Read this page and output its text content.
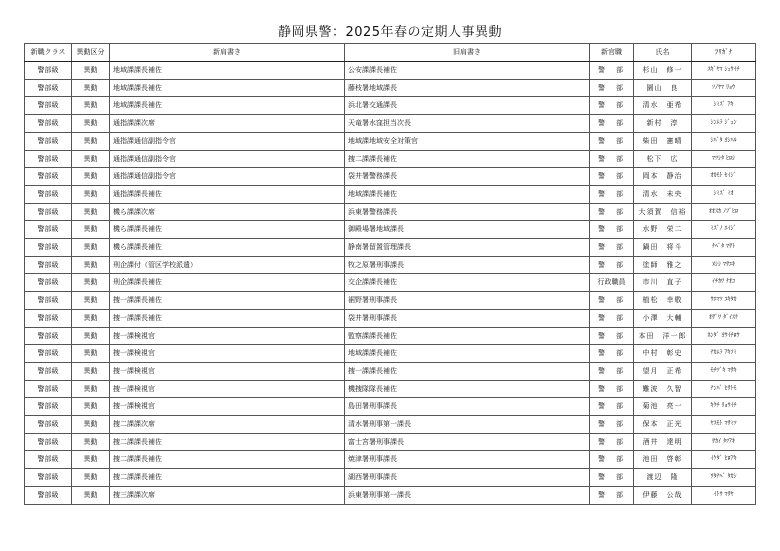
静岡県警：2025年春の定期人事異動
新職クラス	異動区分	新肩書き	旧肩書き	新官職	氏名	ﾌﾘｶﾞﾅ
警部級	異動	地域課課長補佐	公安課課長補佐	警　部	杉山　修一	ｽｷﾞﾔﾏ ｼｭｳｲﾁ
警部級	異動	地域課課長補佐	藤枝署地域課長	警　部	園山　良	ｿﾉﾔﾏ ﾘｮｳ
警部級	異動	地域課課長補佐	浜北署交通課長	警　部	清水　亜希	ｼﾐｽﾞ ｱｷ
警部級	異動	通指課課次席	天竜署水窪担当次長	警　部	新村　淳	ｼﾝﾑﾗ ｼﾞｭﾝ
警部級	異動	通指課通信副指令官	地域課地域安全対策官	警　部	柴田　憲晴	ｼﾊﾞﾀ ﾖｼﾊﾙ
警部級	異動	通指課通信副指令官	捜二課課長補佐	警　部	松下　広	ﾏﾂｼﾀ ﾋﾛｼ
警部級	異動	通指課通信副指令官	袋井署警務課長	警　部	岡本　静治	ｵｶﾓﾄ ｾｲｼﾞ
警部級	異動	通指課課長補佐	地域課課長補佐	警　部	清水　未央	ｼﾐｽﾞ ﾐｵ
警部級	異動	機ら課課次席	浜東署警務課長	警　部	大須賀　信裕	ｵｵｽｶ ﾉﾌﾞﾋﾛ
警部級	異動	機ら課課長補佐	御殿場署地域課長	警　部	水野　栄二	ﾐｽﾞﾉ ｴｲｼﾞ
警部級	異動	機ら課課長補佐	静南署留置管理課長	警　部	鍋田　将斗	ﾅﾍﾞﾀ ﾏｻﾄ
警部級	異動	刑企課付（管区学校派遣）	牧之原署刑事課長	警　部	塗師　雅之	ﾇｼｼ ﾏｻﾕｷ
警部級	異動	刑企課課長補佐	交企課課長補佐	行政職員	市川　直子	ｲﾁｶﾜ ﾅｵｺ
警部級	異動	捜一課課長補佐	裾野署刑事課長	警　部	植松　幸敬	ｳｴﾏﾂ ﾕｷﾀｶ
警部級	異動	捜一課課長補佐	袋井署刑事課長	警　部	小澤　大輔	ｵｻﾞﾜ ﾀﾞｲｽｹ
警部級	異動	捜一課検視官	監察課課長補佐	警　部	本田　洋一郎	ﾎﾝﾀﾞ ﾖｳｲﾁﾛｳ
警部級	異動	捜一課検視官	地域課課長補佐	警　部	中村　彰史	ﾅｶﾑﾗ ｱｷﾌﾐ
警部級	異動	捜一課検視官	捜一課課長補佐	警　部	望月　正希	ﾓﾁﾂﾞｷ ﾏｻｷ
警部級	異動	捜一課検視官	機捜隊隊長補佐	警　部	難波　久智	ﾅﾝﾊﾞ ﾋｻﾄﾓ
警部級	異動	捜一課検視官	島田署刑事課長	警　部	菊池　亮一	ｷｸﾁ ﾘｮｳｲﾁ
警部級	異動	捜二課課次席	清水署刑事第一課長	警　部	保本　正光	ﾔｽﾓﾄ ﾏｻﾐﾂ
警部級	異動	捜二課課長補佐	富士宮署刑事課長	警　部	酒井　達明	ｻｶｲ ﾀﾂｱｷ
警部級	異動	捜二課課長補佐	焼津署刑事課長	警　部	池田　啓彰	ｲｹﾀﾞ ﾋﾛｱｷ
警部級	異動	捜二課課長補佐	湖西署刑事課長	警　部	渡辺　隆	ﾜﾀﾅﾍﾞ ﾀｶｼ
警部級	異動	捜三課課次席	浜東署刑事第一課長	警　部	伊藤　公哉	ｲﾄｳ ﾏｻﾔ
